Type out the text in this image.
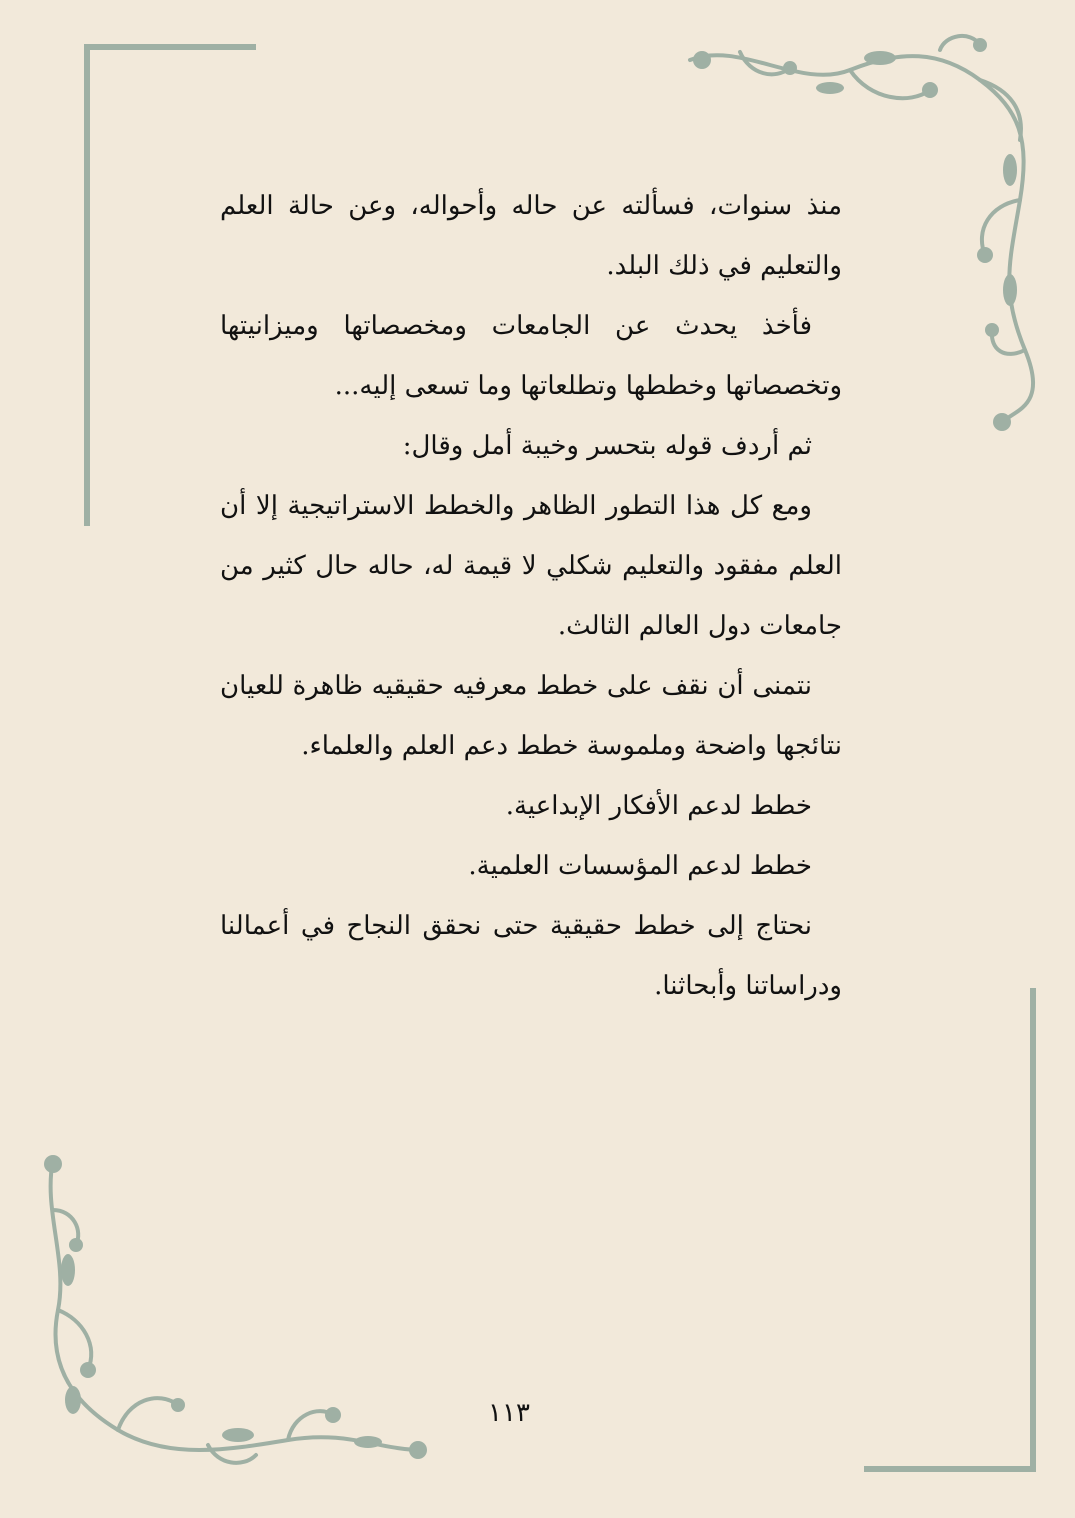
منذ سنوات، فسألته عن حاله وأحواله، وعن حالة العلم والتعليم في ذلك البلد.

فأخذ يحدث عن الجامعات ومخصصاتها وميزانيتها وتخصصاتها وخططها وتطلعاتها وما تسعى إليه...

ثم أردف قوله بتحسر وخيبة أمل وقال:

ومع كل هذا التطور الظاهر والخطط الاستراتيجية إلا أن العلم مفقود والتعليم شكلي لا قيمة له، حاله حال كثير من جامعات دول العالم الثالث.

نتمنى أن نقف على خطط معرفيه حقيقيه ظاهرة للعيان نتائجها واضحة وملموسة خطط دعم العلم والعلماء.

خطط لدعم الأفكار الإبداعية.

خطط لدعم المؤسسات العلمية.

نحتاج إلى خطط حقيقية حتى نحقق النجاح في أعمالنا ودراساتنا وأبحاثنا.

١١٣
